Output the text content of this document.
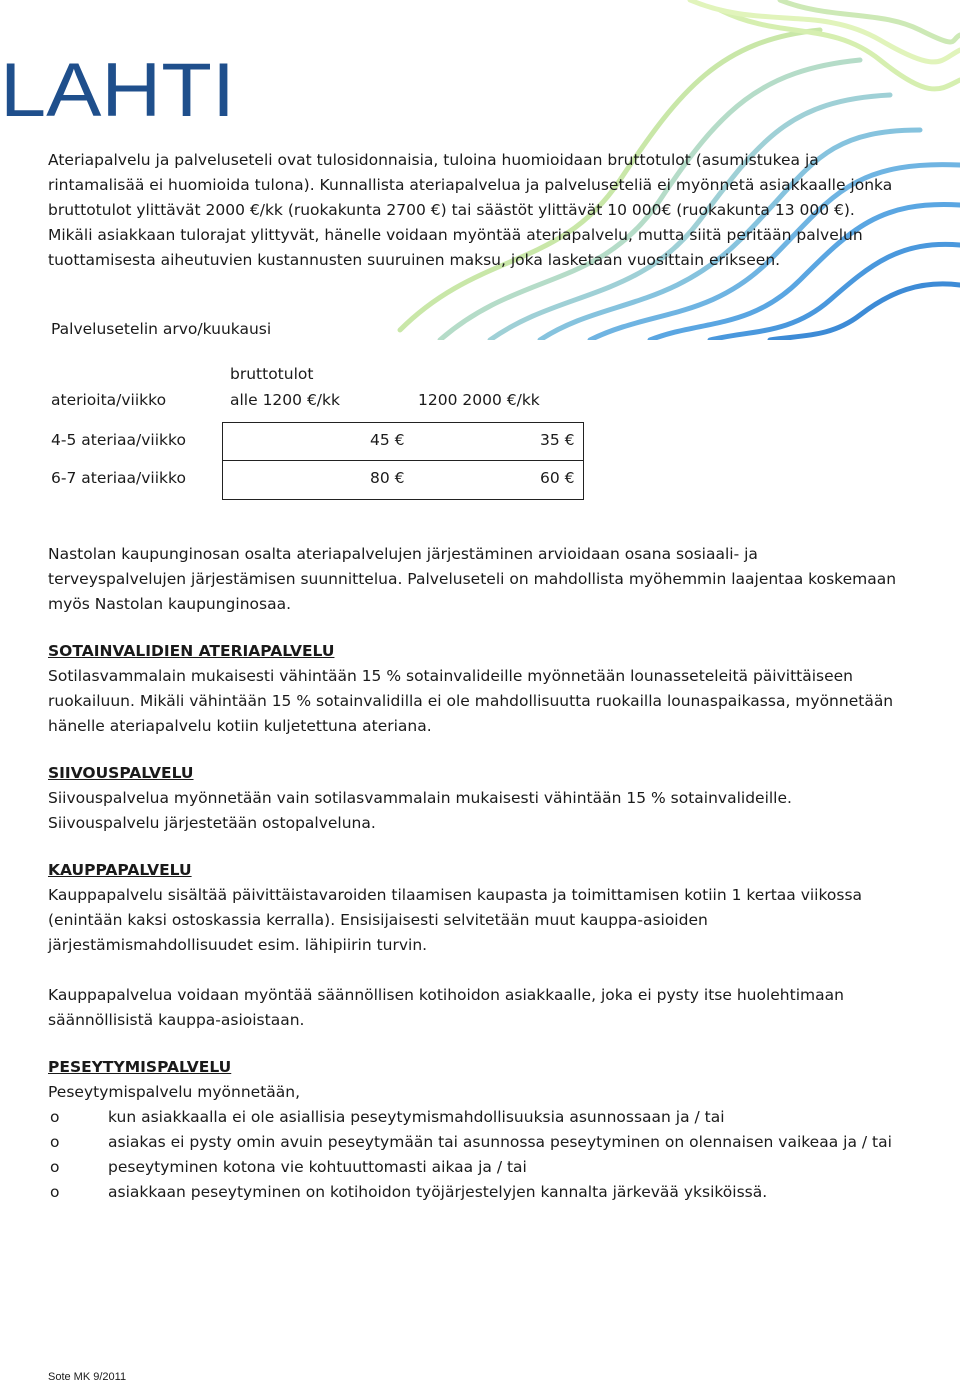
LAHTI

Ateriapalvelu ja palveluseteli ovat tulosidonnaisia, tuloina huomioidaan bruttotulot (asumistukea ja rintamalisää ei huomioida tulona). Kunnallista ateriapalvelua ja palveluseteliä ei myönnetä asiakkaalle jonka bruttotulot ylittävät 2000 €/kk (ruokakunta 2700 €) tai säästöt ylittävät 10 000€ (ruokakunta 13 000 €). Mikäli asiakkaan tulorajat ylittyvät, hänelle voidaan myöntää ateriapalvelu, mutta siitä peritään palvelun tuottamisesta aiheutuvien kustannusten suuruinen maksu, joka lasketaan vuosittain erikseen.

Palvelusetelin arvo/kuukausi

bruttotulot
aterioita/viikko	alle 1200 €/kk	1200 2000 €/kk
4-5 ateriaa/viikko	45 €	35 €
6-7 ateriaa/viikko	80 €	60 €

Nastolan kaupunginosan osalta ateriapalvelujen järjestäminen arvioidaan osana sosiaali- ja terveyspalvelujen järjestämisen suunnittelua. Palveluseteli on mahdollista myöhemmin laajentaa koskemaan myös Nastolan kaupunginosaa.

SOTAINVALIDIEN ATERIAPALVELU

Sotilasvammalain mukaisesti vähintään 15 % sotainvalideille myönnetään lounasseteleitä päivittäiseen ruokailuun. Mikäli vähintään 15 % sotainvalidilla ei ole mahdollisuutta ruokailla lounaspaikassa, myönnetään hänelle ateriapalvelu kotiin kuljetettuna ateriana.

SIIVOUSPALVELU

Siivouspalvelua myönnetään vain sotilasvammalain mukaisesti vähintään 15 % sotainvalideille. Siivouspalvelu järjestetään ostopalveluna.

KAUPPAPALVELU

Kauppapalvelu sisältää päivittäistavaroiden tilaamisen kaupasta ja toimittamisen kotiin 1 kertaa viikossa (enintään kaksi ostoskassia kerralla). Ensisijaisesti selvitetään muut kauppa-asioiden järjestämismahdollisuudet esim. lähipiirin turvin.

Kauppapalvelua voidaan myöntää säännöllisen kotihoidon asiakkaalle, joka ei pysty itse huolehtimaan säännöllisistä kauppa-asioistaan.

PESEYTYMISPALVELU

Peseytymispalvelu myönnetään,

o	kun asiakkaalla ei ole asiallisia peseytymismahdollisuuksia asunnossaan ja / tai
o	asiakas ei pysty omin avuin peseytymään tai asunnossa peseytyminen on olennaisen vaikeaa ja / tai
o	peseytyminen kotona vie kohtuuttomasti aikaa ja / tai
o	asiakkaan peseytyminen on kotihoidon työjärjestelyjen kannalta järkevää yksiköissä.
Sote MK 9/2011
